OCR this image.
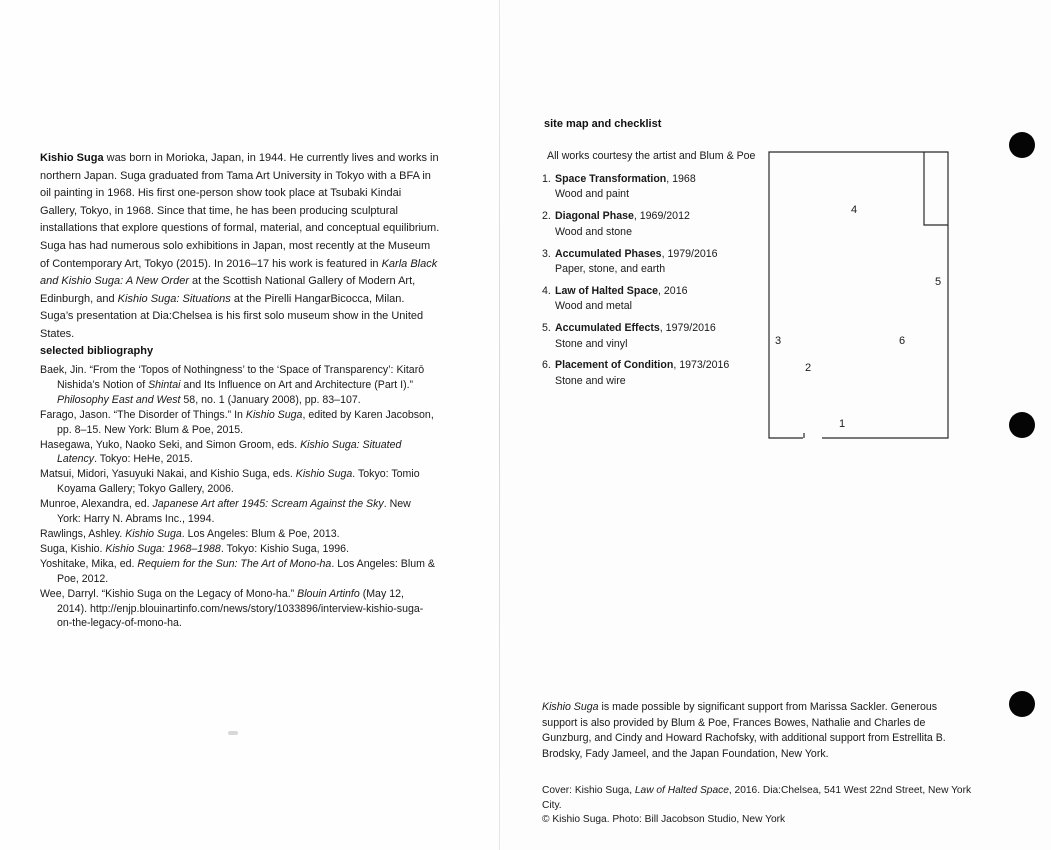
Kishio Suga was born in Morioka, Japan, in 1944. He currently lives and works in northern Japan. Suga graduated from Tama Art University in Tokyo with a BFA in oil painting in 1968. His first one-person show took place at Tsubaki Kindai Gallery, Tokyo, in 1968. Since that time, he has been producing sculptural installations that explore questions of formal, material, and conceptual equilibrium. Suga has had numerous solo exhibitions in Japan, most recently at the Museum of Contemporary Art, Tokyo (2015). In 2016–17 his work is featured in Karla Black and Kishio Suga: A New Order at the Scottish National Gallery of Modern Art, Edinburgh, and Kishio Suga: Situations at the Pirelli HangarBicocca, Milan. Suga’s presentation at Dia:Chelsea is his first solo museum show in the United States.

selected bibliography
Baek, Jin. “From the ‘Topos of Nothingness’ to the ‘Space of Transparency’: Kitarō Nishida’s Notion of Shintai and Its Influence on Art and Architecture (Part I).” Philosophy East and West 58, no. 1 (January 2008), pp. 83–107.
Farago, Jason. “The Disorder of Things.” In Kishio Suga, edited by Karen Jacobson, pp. 8–15. New York: Blum & Poe, 2015.
Hasegawa, Yuko, Naoko Seki, and Simon Groom, eds. Kishio Suga: Situated Latency. Tokyo: HeHe, 2015.
Matsui, Midori, Yasuyuki Nakai, and Kishio Suga, eds. Kishio Suga. Tokyo: Tomio Koyama Gallery; Tokyo Gallery, 2006.
Munroe, Alexandra, ed. Japanese Art after 1945: Scream Against the Sky. New York: Harry N. Abrams Inc., 1994.
Rawlings, Ashley. Kishio Suga. Los Angeles: Blum & Poe, 2013.
Suga, Kishio. Kishio Suga: 1968–1988. Tokyo: Kishio Suga, 1996.
Yoshitake, Mika, ed. Requiem for the Sun: The Art of Mono-ha. Los Angeles: Blum & Poe, 2012.
Wee, Darryl. “Kishio Suga on the Legacy of Mono-ha.” Blouin Artinfo (May 12, 2014). http://enjp.blouinartinfo.com/news/story/1033896/interview-kishio-suga-on-the-legacy-of-mono-ha.
site map and checklist
All works courtesy the artist and Blum & Poe
1. Space Transformation, 1968
Wood and paint
2. Diagonal Phase, 1969/2012
Wood and stone
3. Accumulated Phases, 1979/2016
Paper, stone, and earth
4. Law of Halted Space, 2016
Wood and metal
5. Accumulated Effects, 1979/2016
Stone and vinyl
6. Placement of Condition, 1973/2016
Stone and wire
1
2
3
4
5
6

Kishio Suga is made possible by significant support from Marissa Sackler. Generous support is also provided by Blum & Poe, Frances Bowes, Nathalie and Charles de Gunzburg, and Cindy and Howard Rachofsky, with additional support from Estrellita B. Brodsky, Fady Jameel, and the Japan Foundation, New York.

Cover: Kishio Suga, Law of Halted Space, 2016. Dia:Chelsea, 541 West 22nd Street, New York City.
© Kishio Suga. Photo: Bill Jacobson Studio, New York
